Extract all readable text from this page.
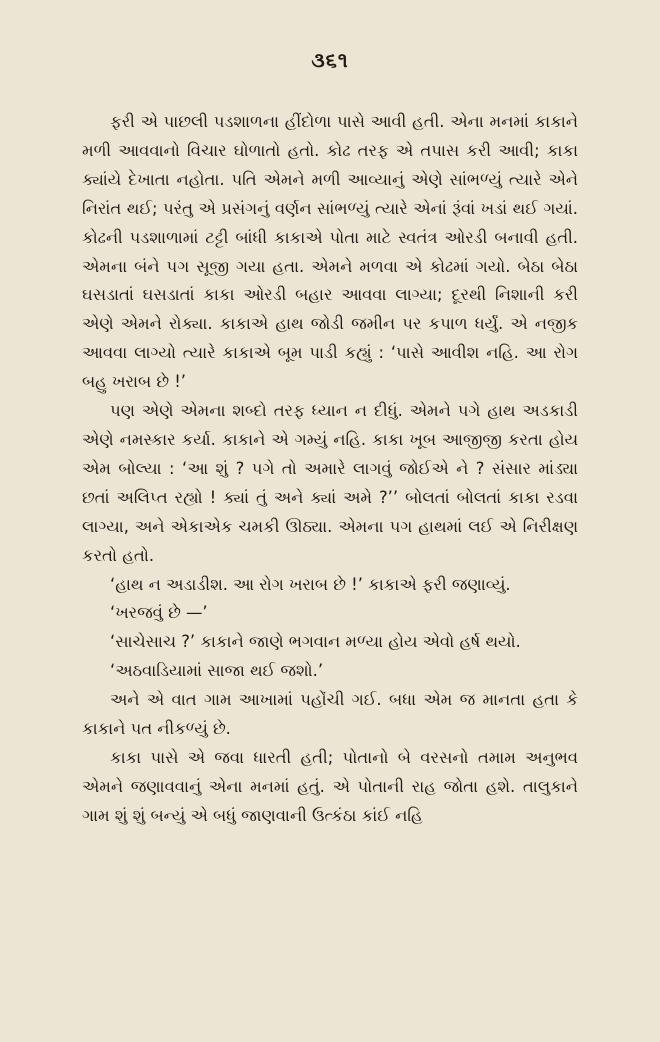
૩૬૧

ફરી એ પાછલી પડશાળના હીંદોળા પાસે આવી હતી. એના મનમાં કાકાને મળી આવવાનો વિચાર ઘોળાતો હતો. કોઢ તરફ એ તપાસ કરી આવી; કાકા ક્યાંયે દેખાતા નહોતા. પતિ એમને મળી આવ્યાનું એણે સાંભળ્યું ત્યારે એને નિરાંત થઈ; પરંતુ એ પ્રસંગનું વર્ણન સાંભળ્યું ત્યારે એનાં રૂંવાં ખડાં થઈ ગયાં. કોઢની પડશાળામાં ટટ્ટી બાંધી કાકાએ પોતા માટે સ્વતંત્ર ઓરડી બનાવી હતી. એમના બંને પગ સૂજી ગયા હતા. એમને મળવા એ કોઢમાં ગયો. બેઠા બેઠા ઘસડાતાં ઘસડાતાં કાકા ઓરડી બહાર આવવા લાગ્યા; દૂરથી નિશાની કરી એણે એમને રોક્યા. કાકાએ હાથ જોડી જમીન પર કપાળ ધર્યું. એ નજીક આવવા લાગ્યો ત્યારે કાકાએ બૂમ પાડી કહ્યું : ‘પાસે આવીશ નહિ. આ રોગ બહુ ખરાબ છે !’

પણ એણે એમના શબ્દો તરફ ધ્યાન ન દીધું. એમને પગે હાથ અડકાડી એણે નમસ્કાર કર્યા. કાકાને એ ગમ્યું નહિ. કાકા ખૂબ આજીજી કરતા હોય એમ બોલ્યા : ‘આ શું ? પગે તો અમારે લાગવું જોઈએ ને ? સંસાર માંડ્યા છતાં અલિપ્ત રહ્યો ! ક્યાં તું અને ક્યાં અમે ?’’ બોલતાં બોલતાં કાકા રડવા લાગ્યા, અને એકાએક ચમકી ઊઠ્યા. એમના પગ હાથમાં લઈ એ નિરીક્ષણ કરતો હતો.

‘હાથ ન અડાડીશ. આ રોગ ખરાબ છે !’ કાકાએ ફરી જણાવ્યું.

‘ખરજવું છે —’

‘સાચેસાચ ?’ કાકાને જાણે ભગવાન મળ્યા હોય એવો હર્ષ થયો.

‘અઠવાડિયામાં સાજા થઈ જશો.’

અને એ વાત ગામ આખામાં પહોંચી ગઈ. બધા એમ જ માનતા હતા કે કાકાને પત નીકળ્યું છે.

કાકા પાસે એ જવા ધારતી હતી; પોતાનો બે વરસનો તમામ અનુભવ એમને જણાવવાનું એના મનમાં હતું. એ પોતાની રાહ જોતા હશે. તાલુકાને ગામ શું શું બન્યું એ બધું જાણવાની ઉત્કંઠા કાંઈ નહિ
